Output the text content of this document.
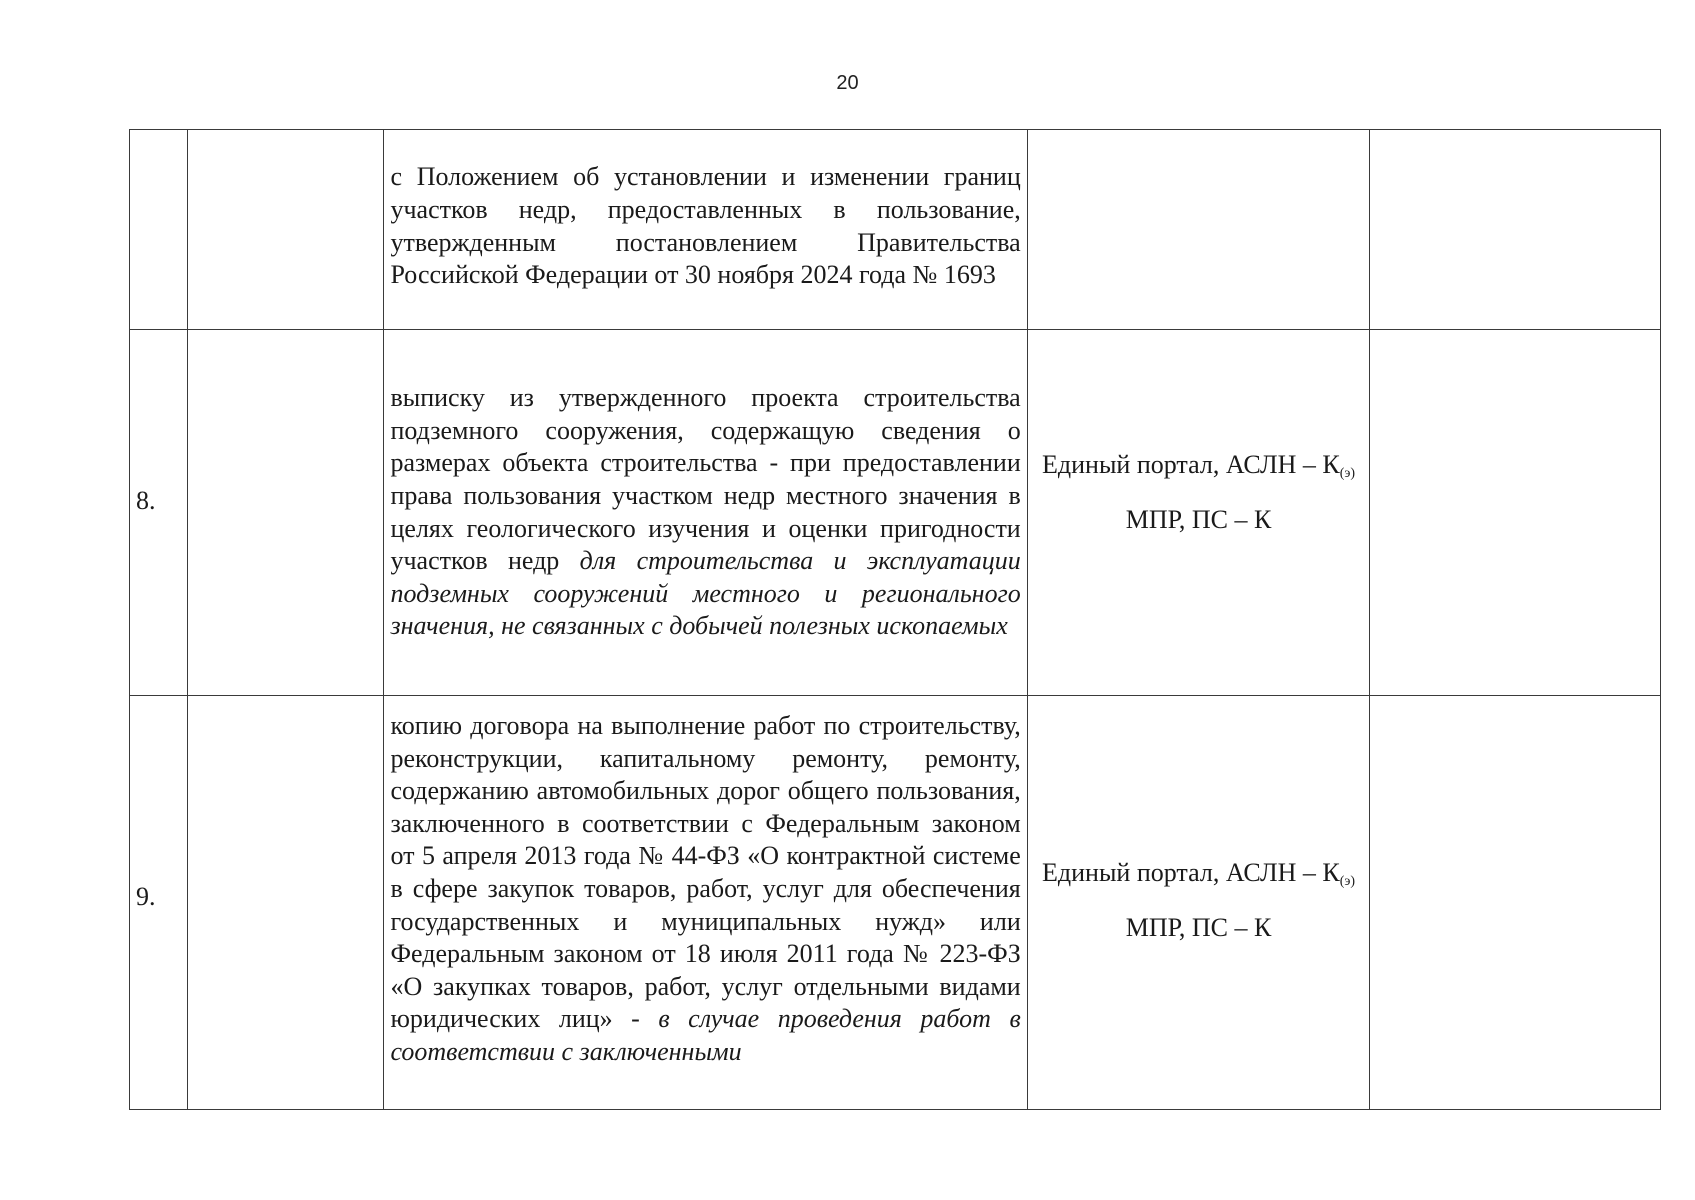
20

		с Положением об установлении и изменении границ участков недр, предоставленных в пользование, утвержденным постановлением Правительства Российской Федерации от 30 ноября 2024 года № 1693		

8.		выписку из утвержденного проекта строительства подземного сооружения, содержащую сведения о размерах объекта строительства - при предоставлении права пользования участком недр местного значения в целях геологического изучения и оценки пригодности участков недр для строительства и эксплуатации подземных сооружений местного и регионального значения, не связанных с добычей полезных ископаемых	Единый портал, АСЛН – $К_{(э)}$
МПР, ПС – К	

9.		копию договора на выполнение работ по строительству, реконструкции, капитальному ремонту, ремонту, содержанию автомобильных дорог общего пользования, заключенного в соответствии с Федеральным законом от 5 апреля 2013 года № 44-ФЗ «О контрактной системе в сфере закупок товаров, работ, услуг для обеспечения государственных и муниципальных нужд» или Федеральным законом от 18 июля 2011 года № 223-ФЗ «О закупках товаров, работ, услуг отдельными видами юридических лиц» - в случае проведения работ в соответствии с заключенными	Единый портал, АСЛН – $К_{(э)}$
МПР, ПС – К	
